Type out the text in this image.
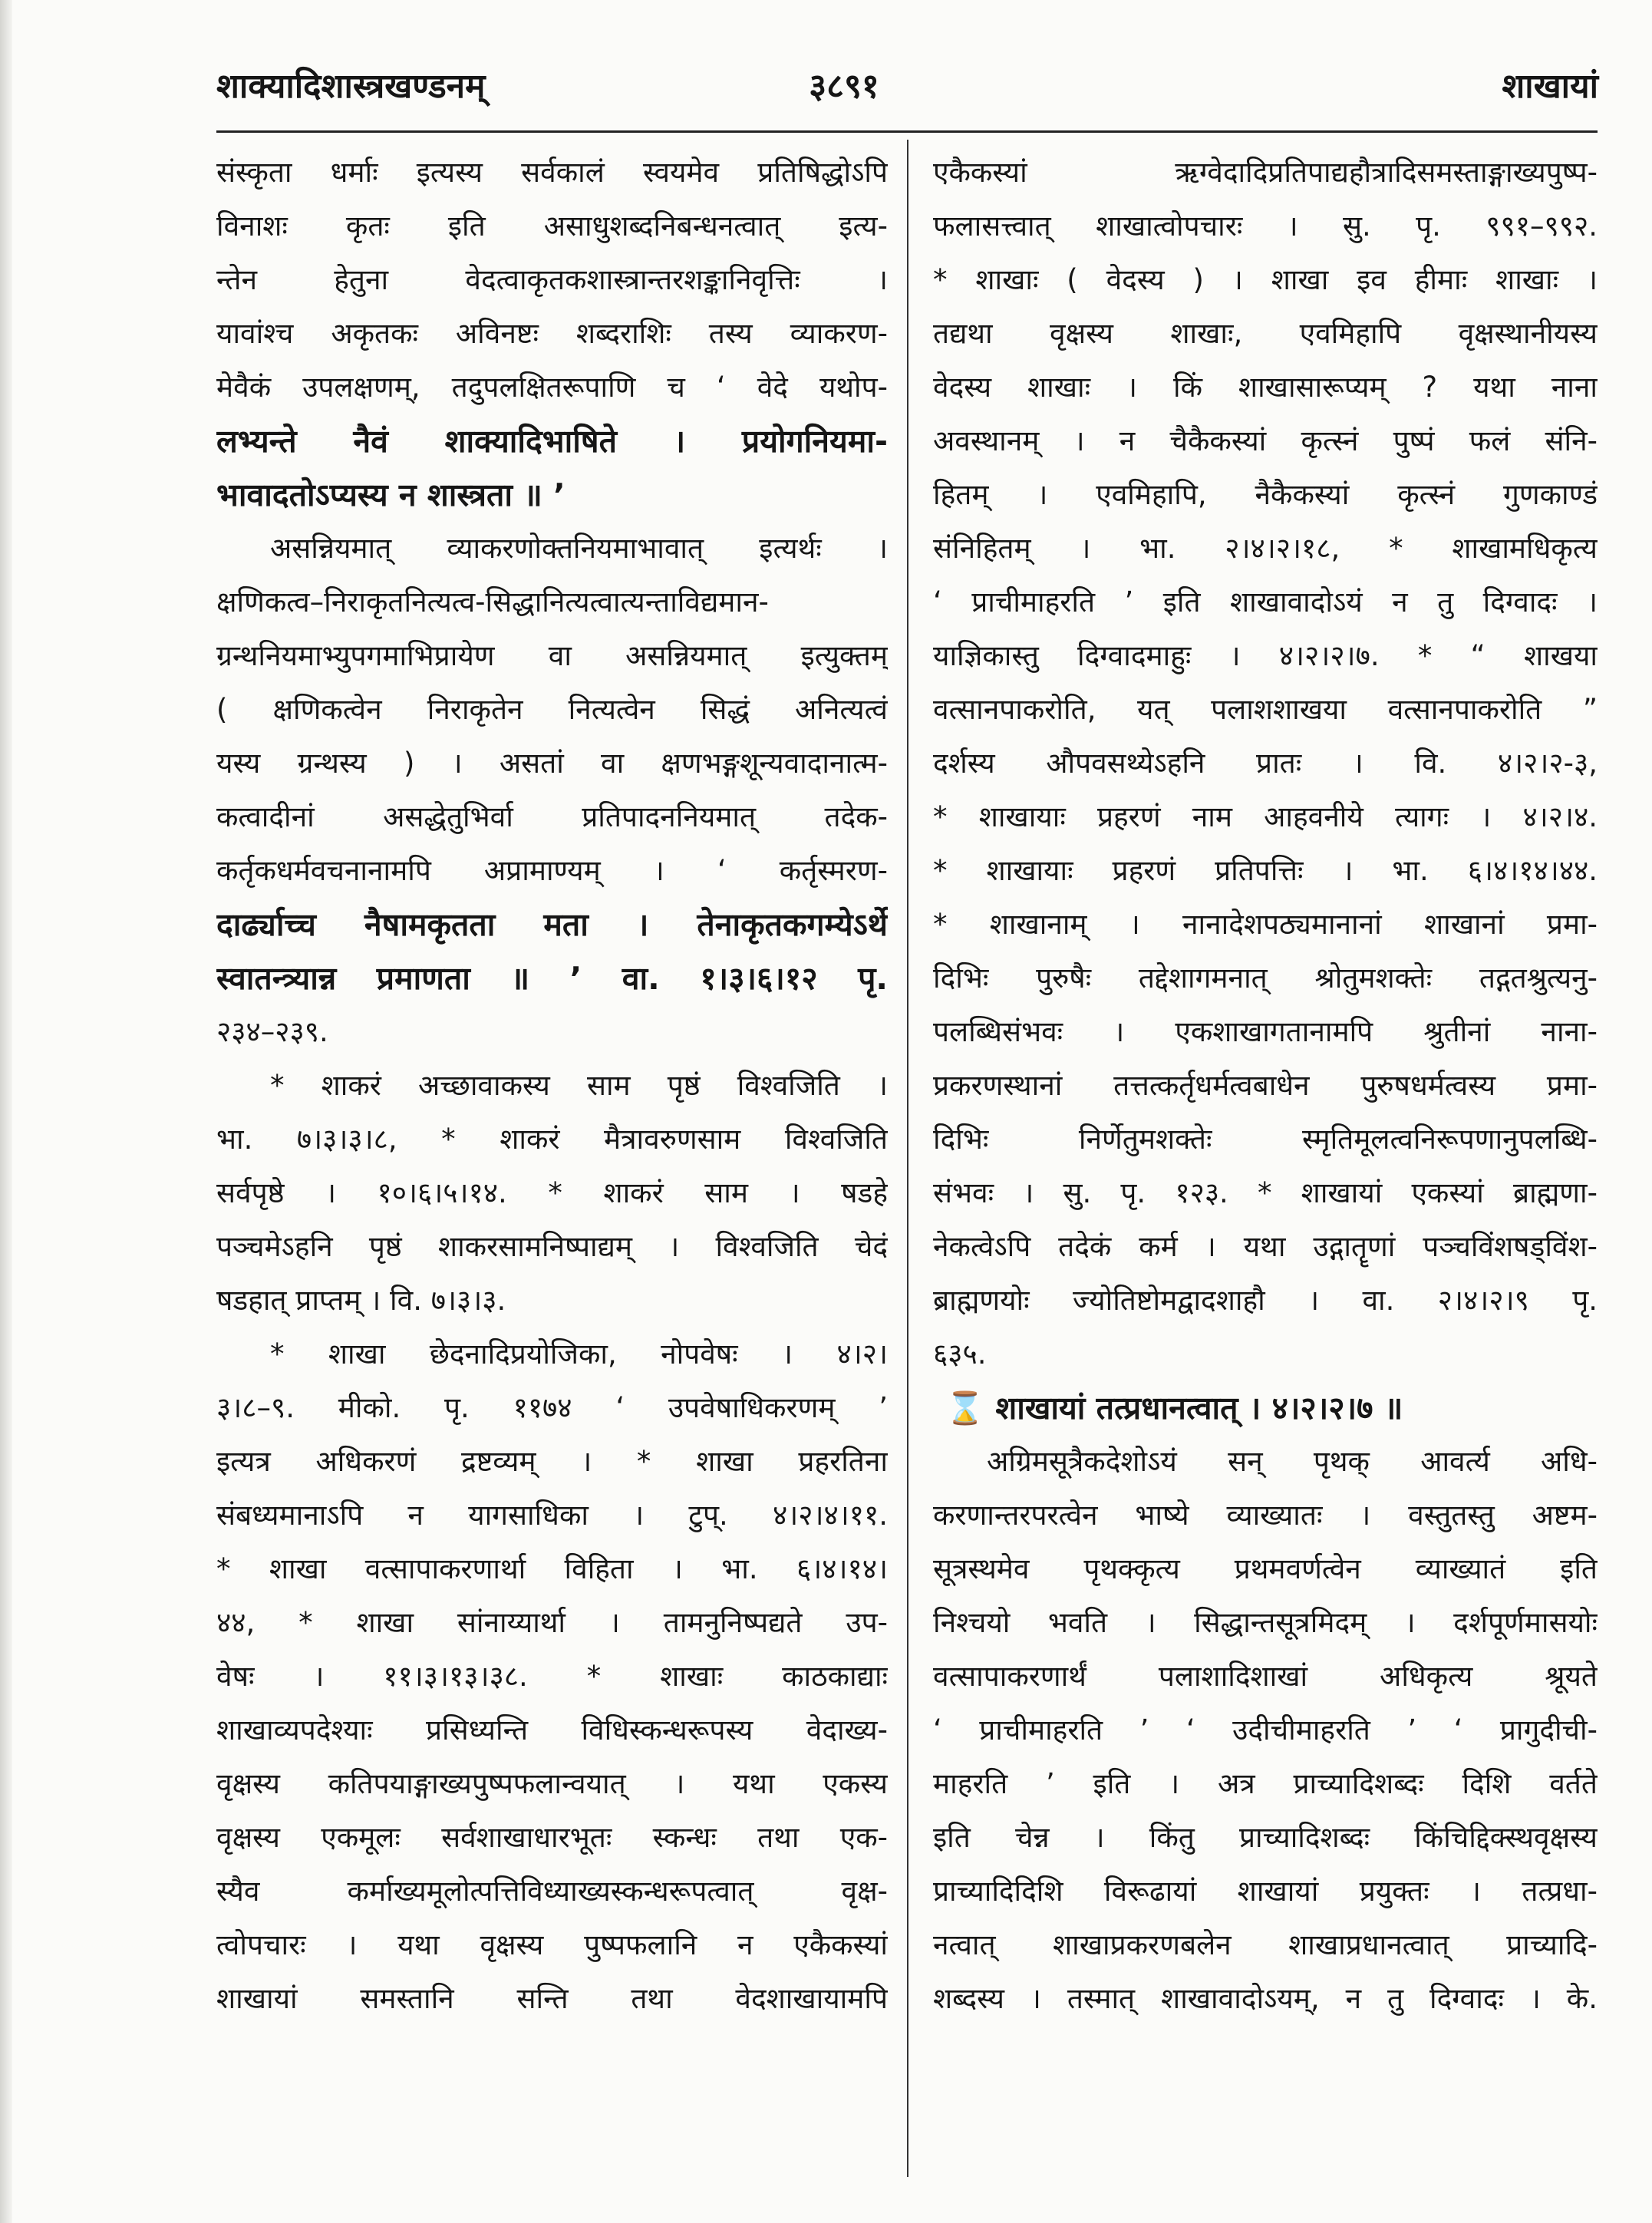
शाक्यादिशास्त्रखण्डनम्	३८९१	शाखायां
संस्कृता धर्माः इत्यस्य सर्वकालं स्वयमेव प्रतिषिद्धोऽपि
विनाशः कृतः इति असाधुशब्दनिबन्धनत्वात् इत्य-
न्तेन हेतुना वेदत्वाकृतकशास्त्रान्तरशङ्कानिवृत्तिः ।
यावांश्च अकृतकः अविनष्टः शब्दराशिः तस्य व्याकरण-
मेवैकं उपलक्षणम्, तदुपलक्षितरूपाणि च ‘ वेदे यथोप-
लभ्यन्ते नैवं शाक्यादिभाषिते । प्रयोगनियमा-
भावादतोऽप्यस्य न शास्त्रता ॥ ’
असन्नियमात् व्याकरणोक्तनियमाभावात् इत्यर्थः ।
क्षणिकत्व–निराकृतनित्यत्व-सिद्धानित्यत्वात्यन्ताविद्यमान-
ग्रन्थनियमाभ्युपगमाभिप्रायेण वा असन्नियमात् इत्युक्तम्
( क्षणिकत्वेन निराकृतेन नित्यत्वेन सिद्धं अनित्यत्वं
यस्य ग्रन्थस्य ) । असतां वा क्षणभङ्गशून्यवादानात्म-
कत्वादीनां असद्धेतुभिर्वा प्रतिपादननियमात् तदेक-
कर्तृकधर्मवचनानामपि अप्रामाण्यम् । ‘ कर्तृस्मरण-
दार्ढ्याच्च नैषामकृतता मता । तेनाकृतकगम्येऽर्थे
स्वातन्त्र्यान्न प्रमाणता ॥ ’ वा. १।३।६।१२ पृ.
२३४–२३९.
* शाकरं अच्छावाकस्य साम पृष्ठं विश्वजिति ।
भा. ७।३।३।८, * शाकरं मैत्रावरुणसाम विश्वजिति
सर्वपृष्ठे । १०।६।५।१४. * शाकरं साम । षडहे
पञ्चमेऽहनि पृष्ठं शाकरसामनिष्पाद्यम् । विश्वजिति चेदं
षडहात् प्राप्तम् । वि. ७।३।३.
* शाखा छेदनादिप्रयोजिका, नोपवेषः । ४।२।
३।८–९. मीको. पृ. ११७४ ‘ उपवेषाधिकरणम् ’
इत्यत्र अधिकरणं द्रष्टव्यम् । * शाखा प्रहरतिना
संबध्यमानाऽपि न यागसाधिका । टुप्. ४।२।४।११.
* शाखा वत्सापाकरणार्था विहिता । भा. ६।४।१४।
४४, * शाखा सांनाय्यार्था । तामनुनिष्पद्यते उप-
वेषः । ११।३।१३।३८. * शाखाः काठकाद्याः
शाखाव्यपदेश्याः प्रसिध्यन्ति विधिस्कन्धरूपस्य वेदाख्य-
वृक्षस्य कतिपयाङ्गाख्यपुष्पफलान्वयात् । यथा एकस्य
वृक्षस्य एकमूलः सर्वशाखाधारभूतः स्कन्धः तथा एक-
स्यैव कर्माख्यमूलोत्पत्तिविध्याख्यस्कन्धरूपत्वात् वृक्ष-
त्वोपचारः । यथा वृक्षस्य पुष्पफलानि न एकैकस्यां
शाखायां समस्तानि सन्ति तथा वेदशाखायामपि
एकैकस्यां ऋग्वेदादिप्रतिपाद्यहौत्रादिसमस्ताङ्गाख्यपुष्प-
फलासत्त्वात् शाखात्वोपचारः । सु. पृ. ९९१–९९२.
* शाखाः ( वेदस्य ) । शाखा इव हीमाः शाखाः ।
तद्यथा वृक्षस्य शाखाः, एवमिहापि वृक्षस्थानीयस्य
वेदस्य शाखाः । किं शाखासारूप्यम् ? यथा नाना
अवस्थानम् । न चैकैकस्यां कृत्स्नं पुष्पं फलं संनि-
हितम् । एवमिहापि, नैकैकस्यां कृत्स्नं गुणकाण्डं
संनिहितम् । भा. २।४।२।१८, * शाखामधिकृत्य
‘ प्राचीमाहरति ’ इति शाखावादोऽयं न तु दिग्वादः ।
याज्ञिकास्तु दिग्वादमाहुः । ४।२।२।७. * “ शाखया
वत्सानपाकरोति, यत् पलाशशाखया वत्सानपाकरोति ”
दर्शस्य औपवसथ्येऽहनि प्रातः । वि. ४।२।२-३,
* शाखायाः प्रहरणं नाम आहवनीये त्यागः । ४।२।४.
* शाखायाः प्रहरणं प्रतिपत्तिः । भा. ६।४।१४।४४.
* शाखानाम् । नानादेशपठ्यमानानां शाखानां प्रमा-
दिभिः पुरुषैः तद्देशागमनात् श्रोतुमशक्तेः तद्गतश्रुत्यनु-
पलब्धिसंभवः । एकशाखागतानामपि श्रुतीनां नाना-
प्रकरणस्थानां तत्तत्कर्तृधर्मत्वबाधेन पुरुषधर्मत्वस्य प्रमा-
दिभिः निर्णेतुमशक्तेः स्मृतिमूलत्वनिरूपणानुपलब्धि-
संभवः । सु. पृ. १२३. * शाखायां एकस्यां ब्राह्मणा-
नेकत्वेऽपि तदेकं कर्म । यथा उद्गातॄणां पञ्चविंशषड्विंश-
ब्राह्मणयोः ज्योतिष्टोमद्वादशाहौ । वा. २।४।२।९ पृ.
६३५.
⌛ शाखायां तत्प्रधानत्वात् । ४।२।२।७ ॥
अग्रिमसूत्रैकदेशोऽयं सन् पृथक् आवर्त्य अधि-
करणान्तरपरत्वेन भाष्ये व्याख्यातः । वस्तुतस्तु अष्टम-
सूत्रस्थमेव पृथक्कृत्य प्रथमवर्णत्वेन व्याख्यातं इति
निश्चयो भवति । सिद्धान्तसूत्रमिदम् । दर्शपूर्णमासयोः
वत्सापाकरणार्थं पलाशादिशाखां अधिकृत्य श्रूयते
‘ प्राचीमाहरति ’ ‘ उदीचीमाहरति ’ ‘ प्रागुदीची-
माहरति ’ इति । अत्र प्राच्यादिशब्दः दिशि वर्तते
इति चेन्न । किंतु प्राच्यादिशब्दः किंचिद्दिक्स्थवृक्षस्य
प्राच्यादिदिशि विरूढायां शाखायां प्रयुक्तः । तत्प्रधा-
नत्वात् शाखाप्रकरणबलेन शाखाप्रधानत्वात् प्राच्यादि-
शब्दस्य । तस्मात् शाखावादोऽयम्, न तु दिग्वादः । के.
